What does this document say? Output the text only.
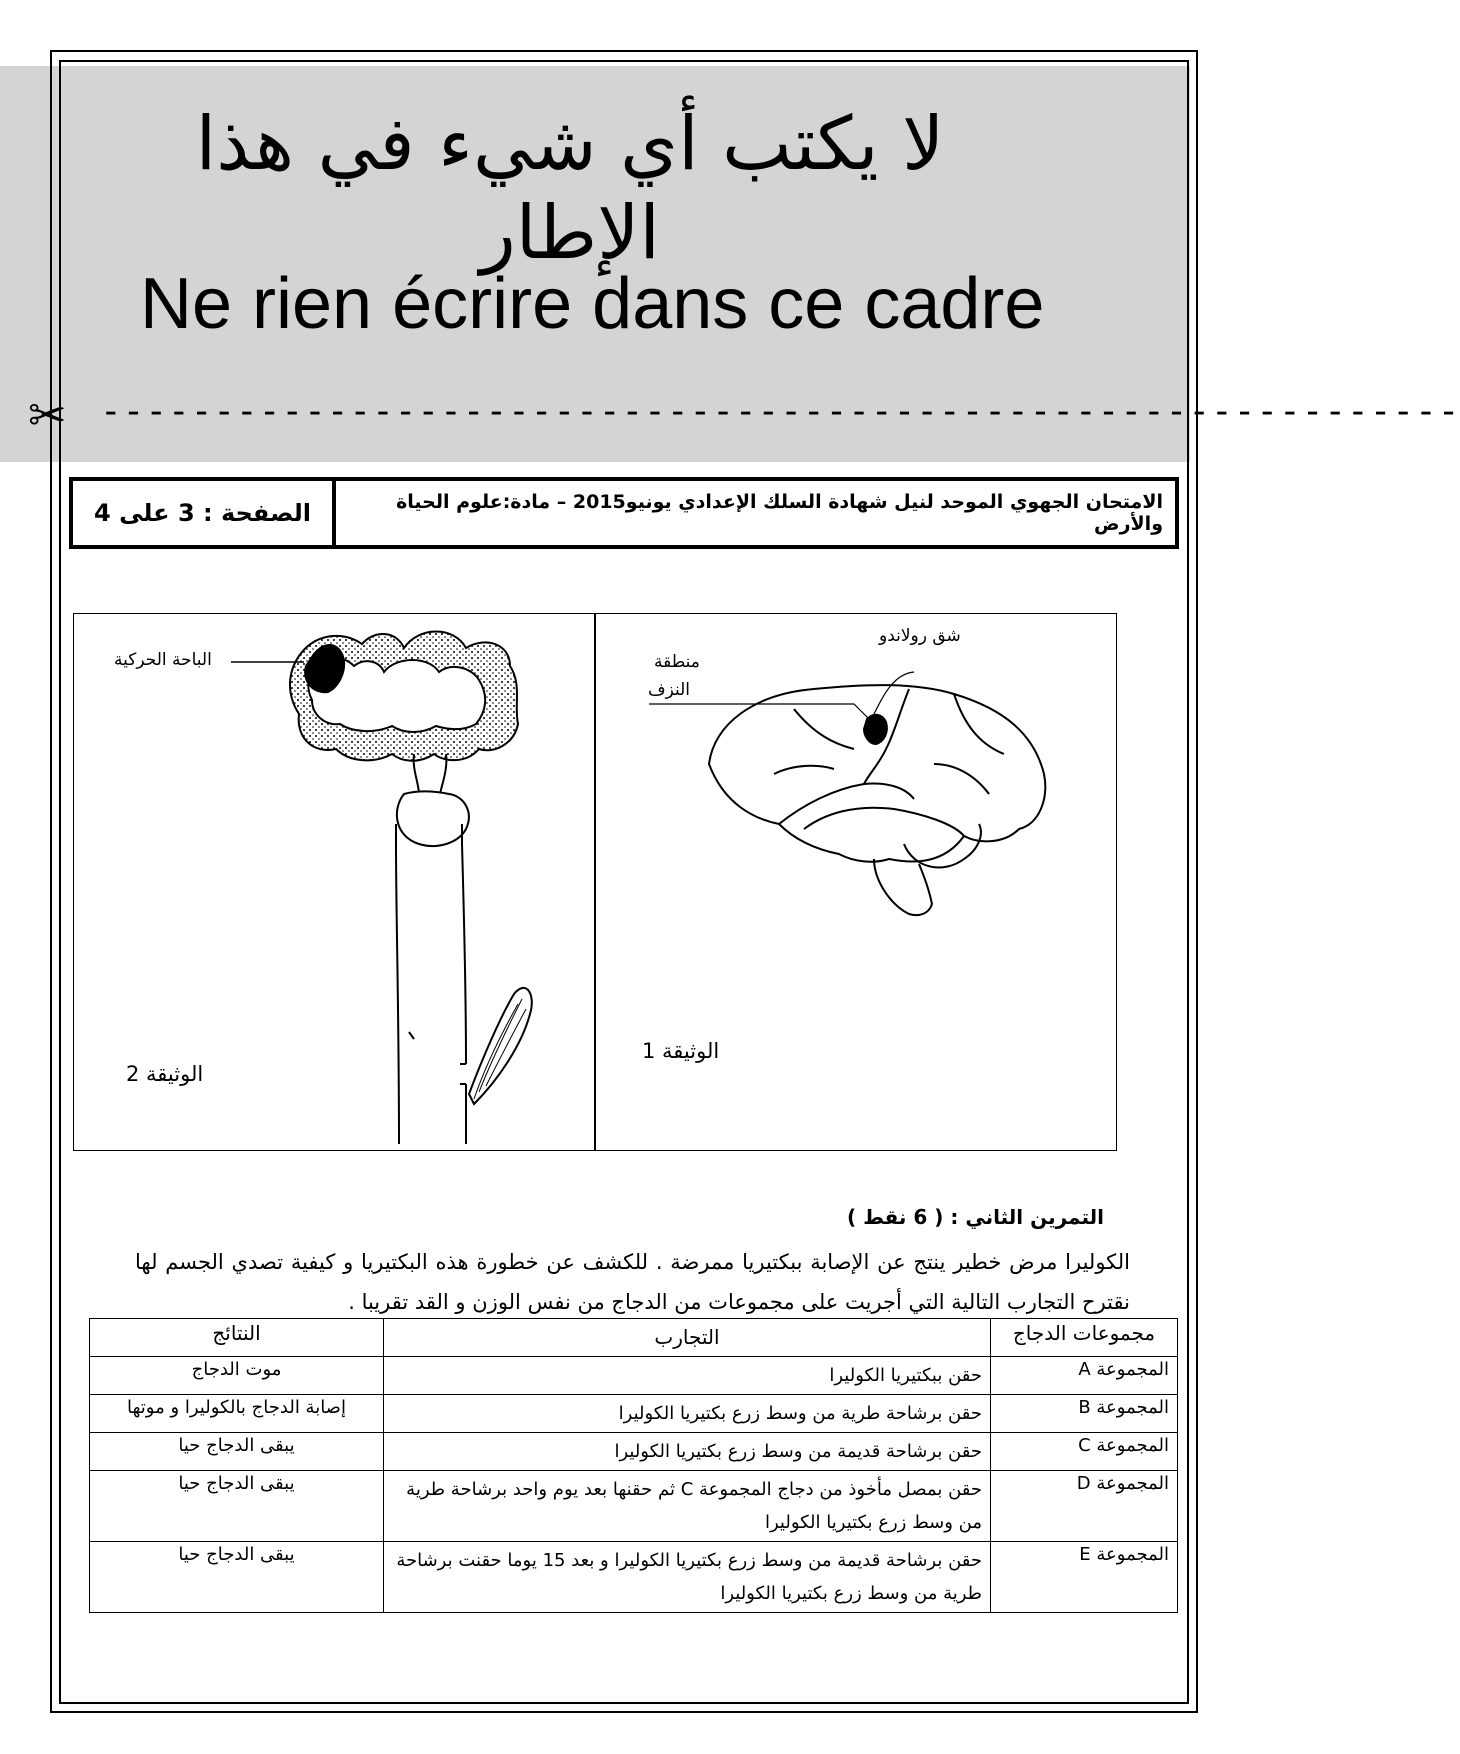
لا يكتب أي شيء في هذا الإطار
Ne rien écrire dans ce cadre
✂ ------------------------------------------------------------
الصفحة : 3 على 4	الامتحان الجهوي الموحد لنيل شهادة السلك الإعدادي يونيو2015 – مادة:علوم الحياة والأرض
الباحة الحركية
شق رولاندو
منطقة
النزف
الوثيقة 1
الوثيقة 2
التمرين الثاني : ( 6 نقط )
الكوليرا مرض خطير ينتج عن الإصابة ببكتيريا ممرضة . للكشف عن خطورة هذه البكتيريا و كيفية تصدي الجسم لها نقترح التجارب التالية التي أجريت على مجموعات من الدجاج من نفس الوزن و القد تقريبا .
مجموعات الدجاج	التجارب	النتائج
المجموعة A	حقن ببكتيريا الكوليرا	موت الدجاج
المجموعة B	حقن برشاحة طرية من وسط زرع بكتيريا الكوليرا	إصابة الدجاج بالكوليرا و موتها
المجموعة C	حقن برشاحة قديمة من وسط زرع بكتيريا الكوليرا	يبقى الدجاج حيا
المجموعة D	حقن بمصل مأخوذ من دجاج المجموعة C ثم حقنها بعد يوم واحد برشاحة طرية من وسط زرع بكتيريا الكوليرا	يبقى الدجاج حيا
المجموعة E	حقن برشاحة قديمة من وسط زرع بكتيريا الكوليرا و بعد 15 يوما حقنت برشاحة طرية من وسط زرع بكتيريا الكوليرا	يبقى الدجاج حيا
